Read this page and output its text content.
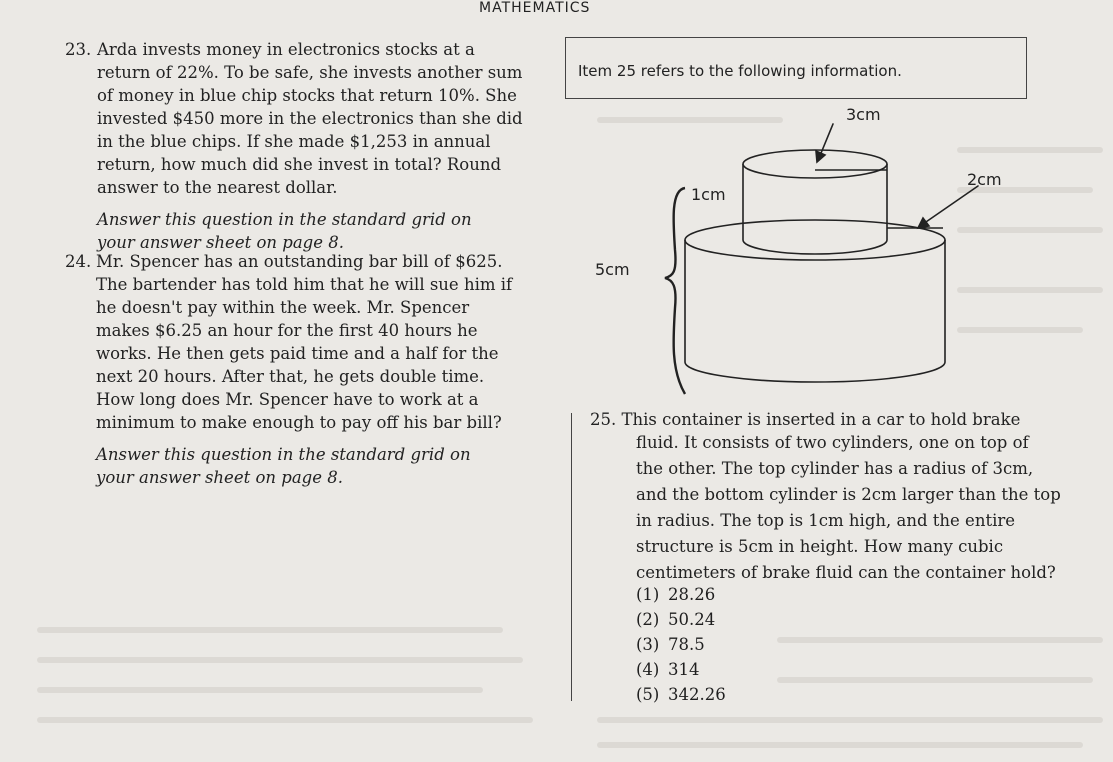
MATHEMATICS
23. Arda invests money in electronics stocks at a
return of 22%. To be safe, she invests another sum
of money in blue chip stocks that return 10%. She
invested $450 more in the electronics than she did
in the blue chips. If she made $1,253 in annual
return, how much did she invest in total? Round
answer to the nearest dollar.
Answer this question in the standard grid on
your answer sheet on page 8.
24. Mr. Spencer has an outstanding bar bill of $625.
The bartender has told him that he will sue him if
he doesn't pay within the week. Mr. Spencer
makes $6.25 an hour for the first 40 hours he
works. He then gets paid time and a half for the
next 20 hours. After that, he gets double time.
How long does Mr. Spencer have to work at a
minimum to make enough to pay off his bar bill?
Answer this question in the standard grid on
your answer sheet on page 8.
Item 25 refers to the following information.
3cm
1cm
2cm
5cm
25. This container is inserted in a car to hold brake
fluid. It consists of two cylinders, one on top of
the other. The top cylinder has a radius of 3cm,
and the bottom cylinder is 2cm larger than the top
in radius. The top is 1cm high, and the entire
structure is 5cm in height. How many cubic
centimeters of brake fluid can the container hold?
(1) 28.26
(2) 50.24
(3) 78.5
(4) 314
(5) 342.26
